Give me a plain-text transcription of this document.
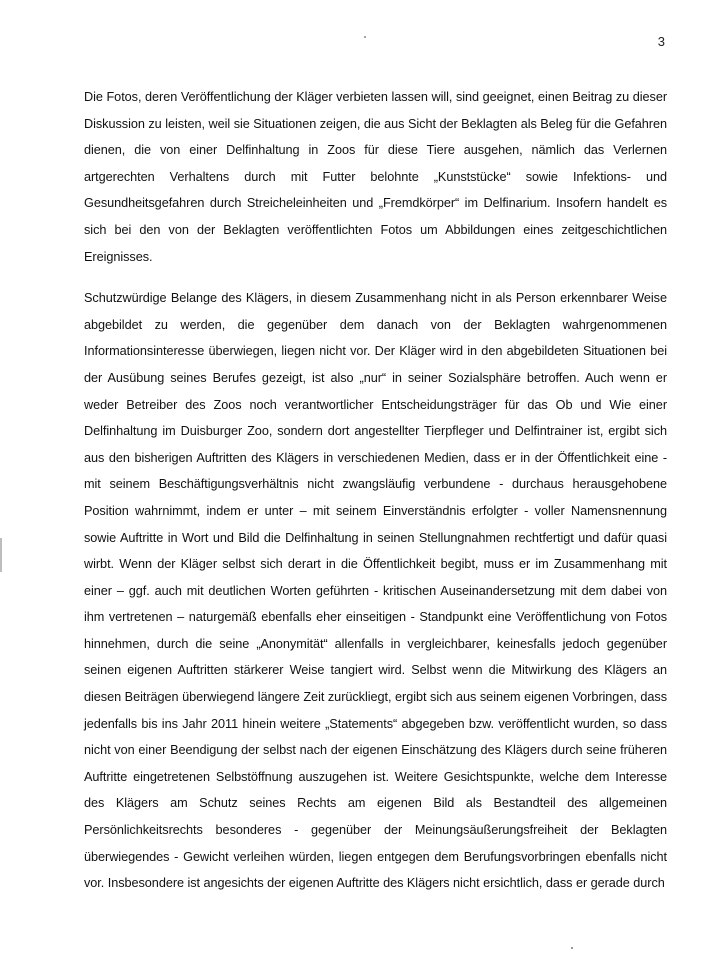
3

Die Fotos, deren Veröffentlichung der Kläger verbieten lassen will, sind geeignet, einen Beitrag zu dieser Diskussion zu leisten, weil sie Situationen zeigen, die aus Sicht der Beklagten als Beleg für die Gefahren dienen, die von einer Delfinhaltung in Zoos für diese Tiere ausgehen, nämlich das Verlernen artgerechten Verhaltens durch mit Futter belohnte „Kunststücke“ sowie Infektions- und Gesundheitsgefahren durch Streicheleinheiten und „Fremdkörper“ im Delfinarium. Insofern handelt es sich bei den von der Beklagten veröffentlichten Fotos um Abbildungen eines zeitgeschichtlichen Ereignisses.

Schutzwürdige Belange des Klägers, in diesem Zusammenhang nicht in als Person erkennbarer Weise abgebildet zu werden, die gegenüber dem danach von der Beklagten wahrgenommenen Informationsinteresse überwiegen, liegen nicht vor. Der Kläger wird in den abgebildeten Situationen bei der Ausübung seines Berufes gezeigt, ist also „nur“ in seiner Sozialsphäre betroffen. Auch wenn er weder Betreiber des Zoos noch verantwortlicher Entscheidungsträger für das Ob und Wie einer Delfinhaltung im Duisburger Zoo, sondern dort angestellter Tierpfleger und Delfintrainer ist, ergibt sich aus den bisherigen Auftritten des Klägers in verschiedenen Medien, dass er in der Öffentlichkeit eine - mit seinem Beschäftigungsverhältnis nicht zwangsläufig verbundene - durchaus herausgehobene Position wahrnimmt, indem er unter – mit seinem Einverständnis erfolgter - voller Namensnennung sowie Auftritte in Wort und Bild die Delfinhaltung in seinen Stellungnahmen rechtfertigt und dafür quasi wirbt. Wenn der Kläger selbst sich derart in die Öffentlichkeit begibt, muss er im Zusammenhang mit einer – ggf. auch mit deutlichen Worten geführten - kritischen Auseinandersetzung mit dem dabei von ihm vertretenen – naturgemäß ebenfalls eher einseitigen - Standpunkt eine Veröffentlichung von Fotos hinnehmen, durch die seine „Anonymität“ allenfalls in vergleichbarer, keinesfalls jedoch gegenüber seinen eigenen Auftritten stärkerer Weise tangiert wird. Selbst wenn die Mitwirkung des Klägers an diesen Beiträgen überwiegend längere Zeit zurückliegt, ergibt sich aus seinem eigenen Vorbringen, dass jedenfalls bis ins Jahr 2011 hinein weitere „Statements“ abgegeben bzw. veröffentlicht wurden, so dass nicht von einer Beendigung der selbst nach der eigenen Einschätzung des Klägers durch seine früheren Auftritte eingetretenen Selbstöffnung auszugehen ist. Weitere Gesichtspunkte, welche dem Interesse des Klägers am Schutz seines Rechts am eigenen Bild als Bestandteil des allgemeinen Persönlichkeitsrechts besonderes - gegenüber der Meinungsäußerungsfreiheit der Beklagten überwiegendes - Gewicht verleihen würden, liegen entgegen dem Berufungsvorbringen ebenfalls nicht vor. Insbesondere ist angesichts der eigenen Auftritte des Klägers nicht ersichtlich, dass er gerade durch
